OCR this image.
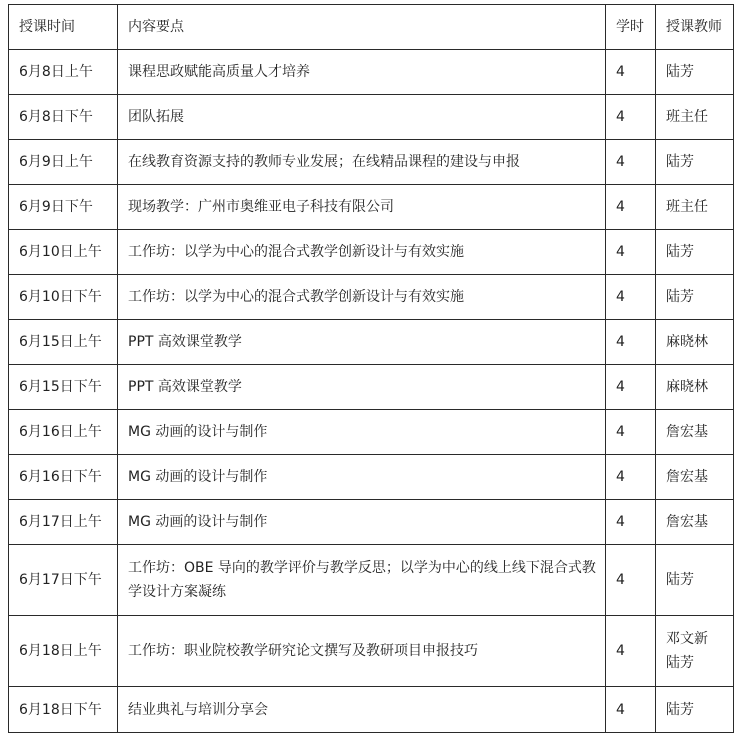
授课时间	内容要点	学时	授课教师
6月8日上午	课程思政赋能高质量人才培养	4	陆芳

6月8日下午	团队拓展	4	班主任

6月9日上午	在线教育资源支持的教师专业发展；在线精品课程的建设与申报	4	陆芳

6月9日下午	现场教学：广州市奥维亚电子科技有限公司	4	班主任

6月10日上午	工作坊：以学为中心的混合式教学创新设计与有效实施	4	陆芳

6月10日下午	工作坊：以学为中心的混合式教学创新设计与有效实施	4	陆芳

6月15日上午	PPT 高效课堂教学	4	麻晓林

6月15日下午	PPT 高效课堂教学	4	麻晓林

6月16日上午	MG 动画的设计与制作	4	詹宏基

6月16日下午	MG 动画的设计与制作	4	詹宏基

6月17日上午	MG 动画的设计与制作	4	詹宏基

6月17日下午	工作坊：OBE 导向的教学评价与教学反思；以学为中心的线上线下混合式教学设计方案凝练	4	陆芳

6月18日上午	工作坊：职业院校教学研究论文撰写及教研项目申报技巧	4	邓文新
陆芳

6月18日下午	结业典礼与培训分享会	4	陆芳
